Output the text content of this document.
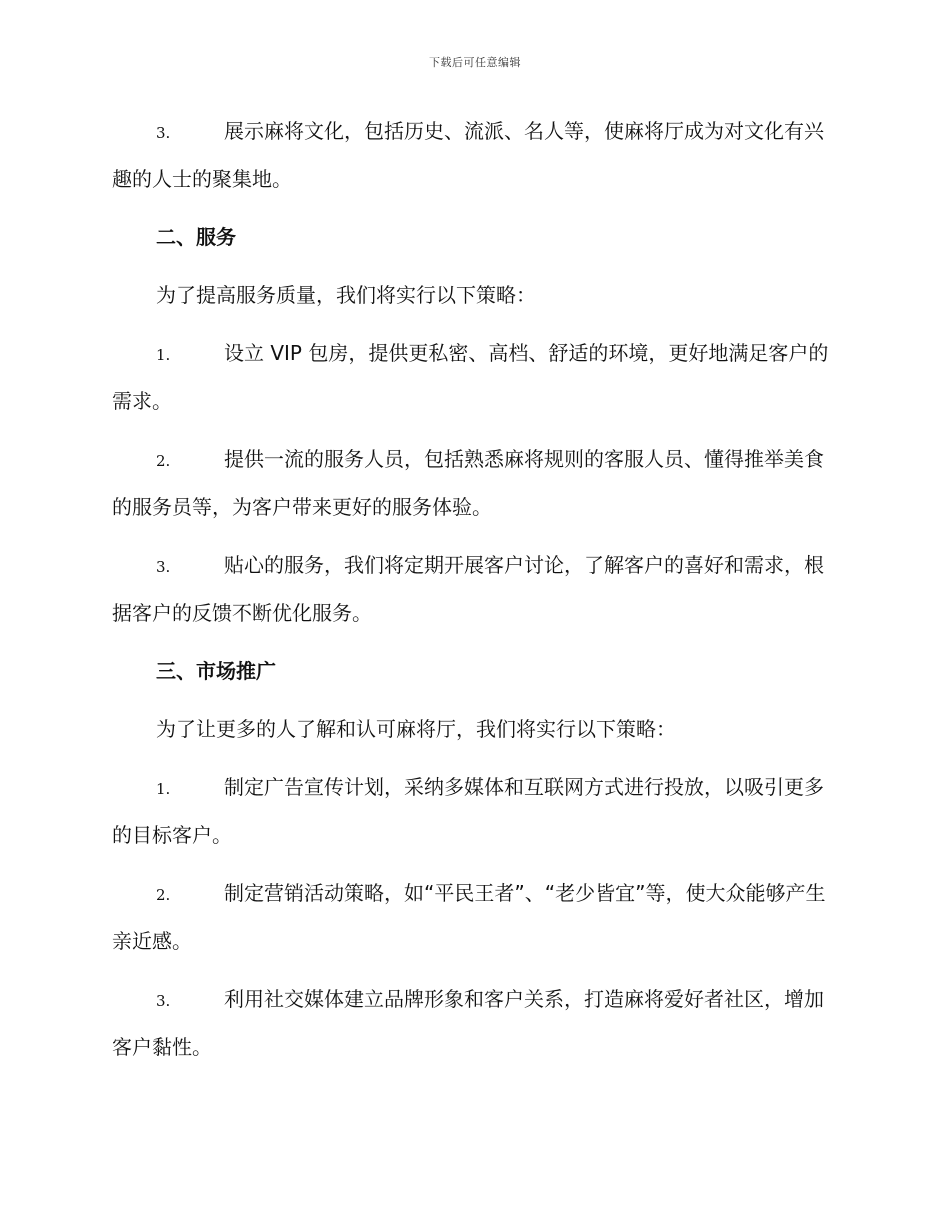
下载后可任意编辑

3.	展示麻将文化，包括历史、流派、名人等，使麻将厅成为对文化有兴趣的人士的聚集地。

二、服务

为了提高服务质量，我们将实行以下策略：

1.	设立 VIP 包房，提供更私密、高档、舒适的环境，更好地满足客户的需求。

2.	提供一流的服务人员，包括熟悉麻将规则的客服人员、懂得推举美食的服务员等，为客户带来更好的服务体验。

3.	贴心的服务，我们将定期开展客户讨论，了解客户的喜好和需求，根据客户的反馈不断优化服务。

三、市场推广

为了让更多的人了解和认可麻将厅，我们将实行以下策略：

1.	制定广告宣传计划，采纳多媒体和互联网方式进行投放，以吸引更多的目标客户。

2.	制定营销活动策略，如“平民王者”、“老少皆宜”等，使大众能够产生亲近感。

3.	利用社交媒体建立品牌形象和客户关系，打造麻将爱好者社区，增加客户黏性。
